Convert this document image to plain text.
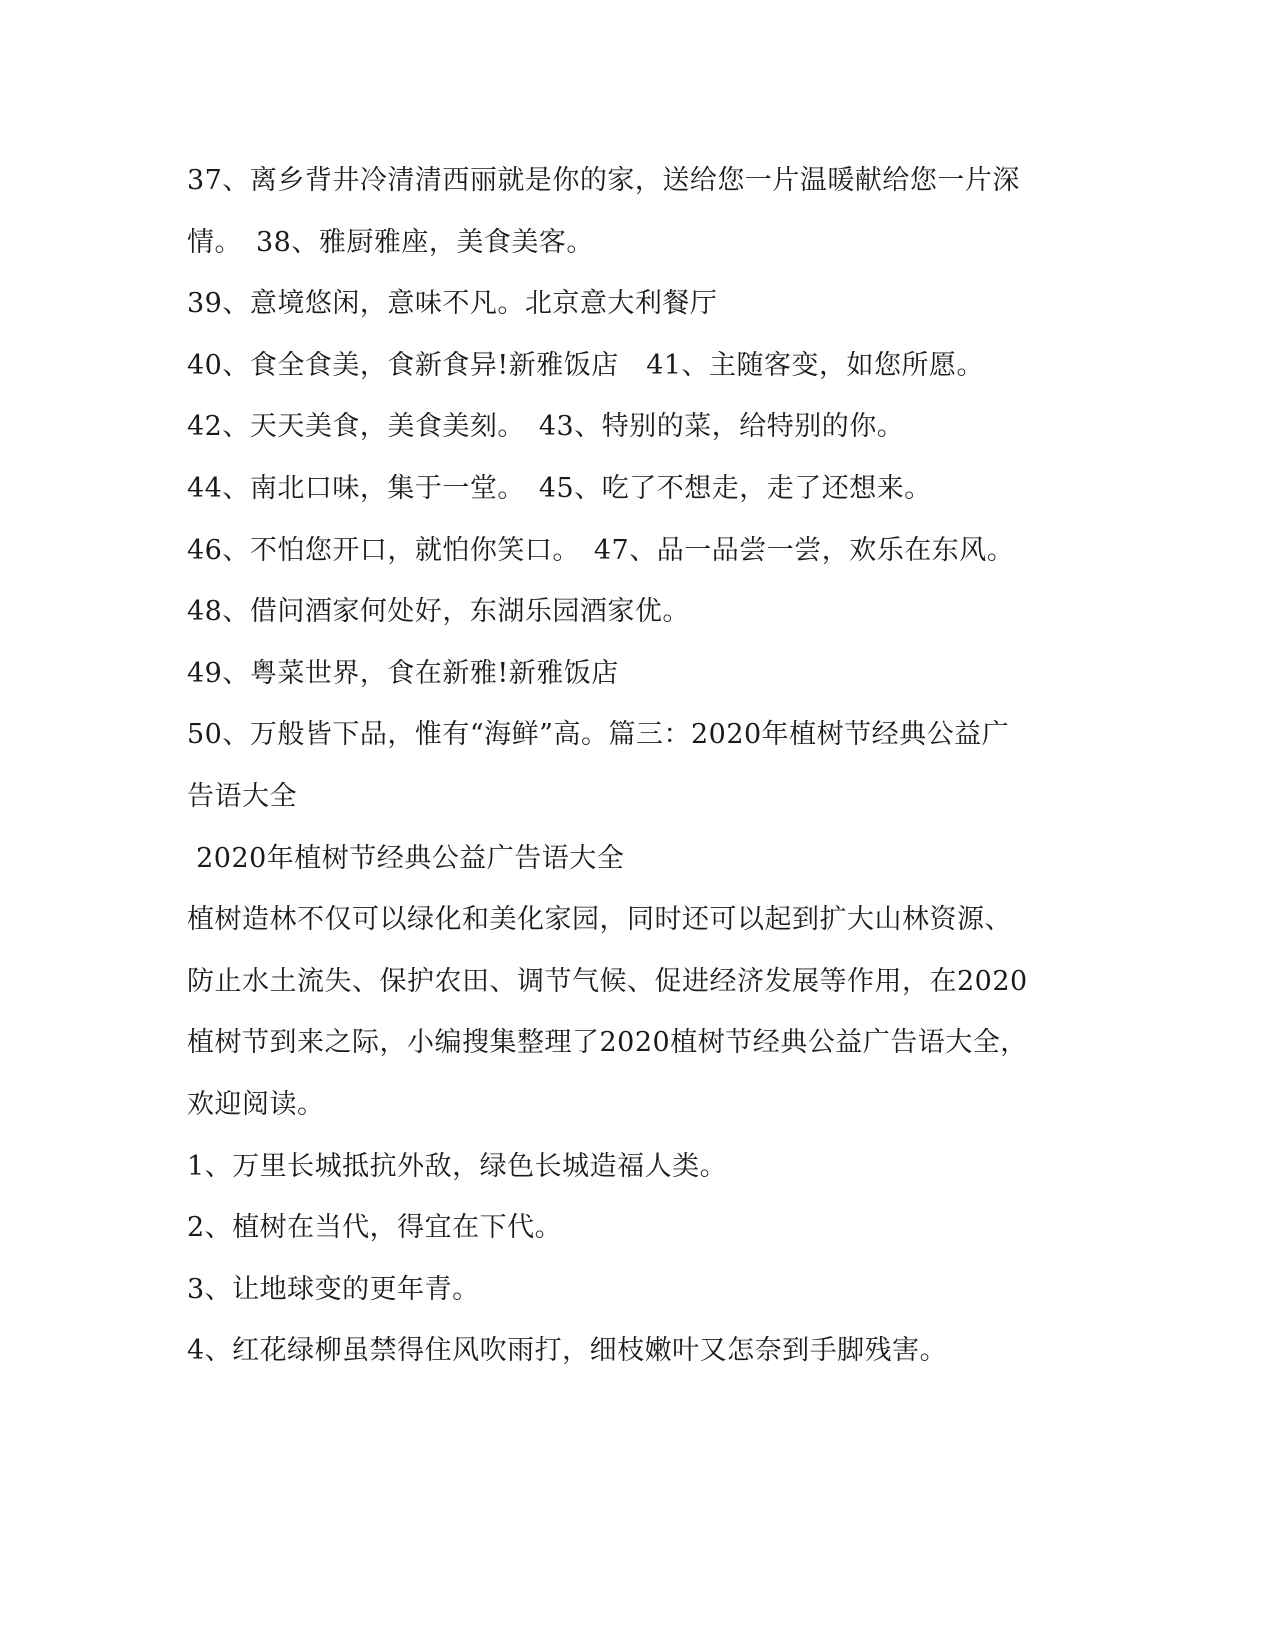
37、离乡背井冷清清西丽就是你的家，送给您一片温暖献给您一片深
情。　38、雅厨雅座，美食美客。
39、意境悠闲，意味不凡。北京意大利餐厅
40、食全食美，食新食异!新雅饭店　41、主随客变，如您所愿。
42、天天美食，美食美刻。　43、特别的菜，给特别的你。
44、南北口味，集于一堂。　45、吃了不想走，走了还想来。
46、不怕您开口，就怕你笑口。　47、品一品尝一尝，欢乐在东风。
48、借问酒家何处好，东湖乐园酒家优。
49、粤菜世界，食在新雅!新雅饭店
50、万般皆下品，惟有“海鲜”高。篇三：2020年植树节经典公益广
告语大全
2020年植树节经典公益广告语大全
植树造林不仅可以绿化和美化家园，同时还可以起到扩大山林资源、
防止水土流失、保护农田、调节气候、促进经济发展等作用，在2020
植树节到来之际，小编搜集整理了2020植树节经典公益广告语大全，
欢迎阅读。
1、万里长城抵抗外敌，绿色长城造福人类。
2、植树在当代，得宜在下代。
3、让地球变的更年青。
4、红花绿柳虽禁得住风吹雨打，细枝嫩叶又怎奈到手脚残害。
